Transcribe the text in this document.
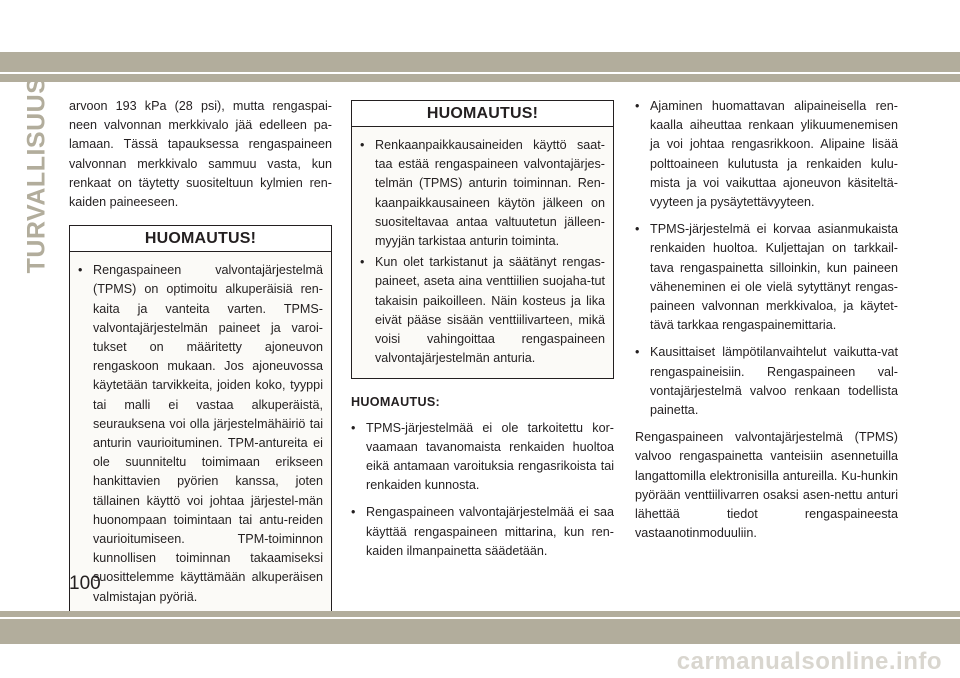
TURVALLISUUS arvoon 193 kPa (28 psi), mutta rengaspai-neen valvonnan merkkivalo jää edelleen pa-lamaan. Tässä tapauksessa rengaspaineen valvonnan merkkivalo sammuu vasta, kun renkaat on täytetty suositeltuun kylmien ren-kaiden paineeseen.

HUOMAUTUS!
• Rengaspaineen valvontajärjestelmä (TPMS) on optimoitu alkuperäisiä ren-kaita ja vanteita varten. TPMS-valvontajärjestelmän paineet ja varoi-tukset on määritetty ajoneuvon rengaskoon mukaan. Jos ajoneuvossa käytetään tarvikkeita, joiden koko, tyyppi tai malli ei vastaa alkuperäistä, seurauksena voi olla järjestelmähäiriö tai anturin vaurioituminen. TPM-antureita ei ole suunniteltu toimimaan erikseen hankittavien pyörien kanssa, joten tällainen käyttö voi johtaa järjestel-män huonompaan toimintaan tai antu-reiden vaurioitumiseen. TPM-toiminnon kunnollisen toiminnan takaamiseksi suosittelemme käyttämään alkuperäisen valmistajan pyöriä.
HUOMAUTUS!
• Renkaanpaikkausaineiden käyttö saat-taa estää rengaspaineen valvontajärjes-telmän (TPMS) anturin toiminnan. Ren-kaanpaikkausaineen käytön jälkeen on suositeltavaa antaa valtuutetun jälleen-myyjän tarkistaa anturin toiminta.
• Kun olet tarkistanut ja säätänyt rengas-paineet, aseta aina venttiilien suojaha-tut takaisin paikoilleen. Näin kosteus ja lika eivät pääse sisään venttiilivarteen, mikä voisi vahingoittaa rengaspaineen valvontajärjestelmän anturia.
HUOMAUTUS:
• TPMS-järjestelmää ei ole tarkoitettu kor-vaamaan tavanomaista renkaiden huoltoa eikä antamaan varoituksia rengasrikoista tai renkaiden kunnosta.
• Rengaspaineen valvontajärjestelmää ei saa käyttää rengaspaineen mittarina, kun ren-kaiden ilmanpainetta säädetään.
• Ajaminen huomattavan alipaineisella ren-kaalla aiheuttaa renkaan ylikuumenemisen ja voi johtaa rengasrikkoon. Alipaine lisää polttoaineen kulutusta ja renkaiden kulu-mista ja voi vaikuttaa ajoneuvon käsiteltä-vyyteen ja pysäytettävyyteen.
• TPMS-järjestelmä ei korvaa asianmukaista renkaiden huoltoa. Kuljettajan on tarkkail-tava rengaspainetta silloinkin, kun paineen väheneminen ei ole vielä sytyttänyt rengas-paineen valvonnan merkkivaloa, ja käytet-tävä tarkkaa rengaspainemittaria.
• Kausittaiset lämpötilanvaihtelut vaikutta-vat rengaspaineisiin. Rengaspaineen val-vontajärjestelmä valvoo renkaan todellista painetta.

Rengaspaineen valvontajärjestelmä (TPMS) valvoo rengaspainetta vanteisiin asennetuilla langattomilla elektronisilla antureilla. Ku-hunkin pyörään venttiilivarren osaksi asen-nettu anturi lähettää tiedot rengaspaineesta vastaanotinmoduuliin.

100
carmanualsonline.info
